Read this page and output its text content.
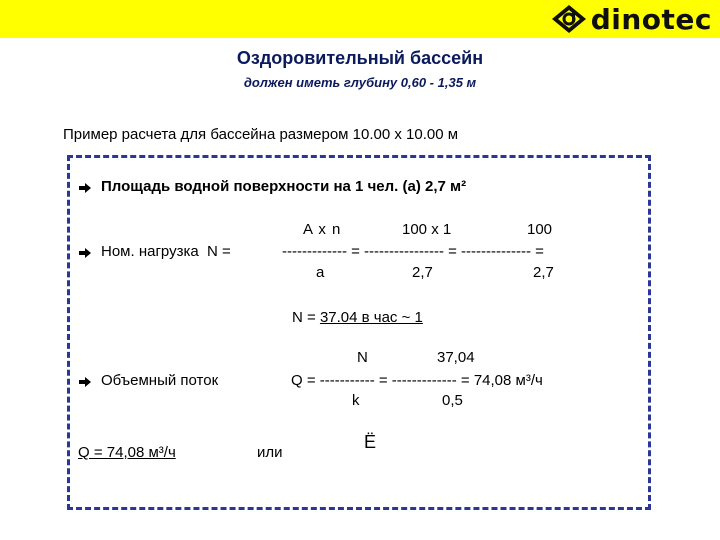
dinotec
Оздоровительный бассейн
должен иметь глубину 0,60 - 1,35 м
Пример расчета для бассейна размером 10.00 x 10.00 м
Площадь водной поверхности на 1 чел. (a) 2,7 м²
A x n	100 x 1	100
Ном. нагрузка  N =	------------- = ---------------- = -------------- =
a	2,7	2,7
N = 37.04 в час ~ 1
N	37,04
Объемный поток	Q = ----------- = ------------- = 74,08 м³/ч
k	0,5
Q = 74,08 м³/ч	или
Ё
